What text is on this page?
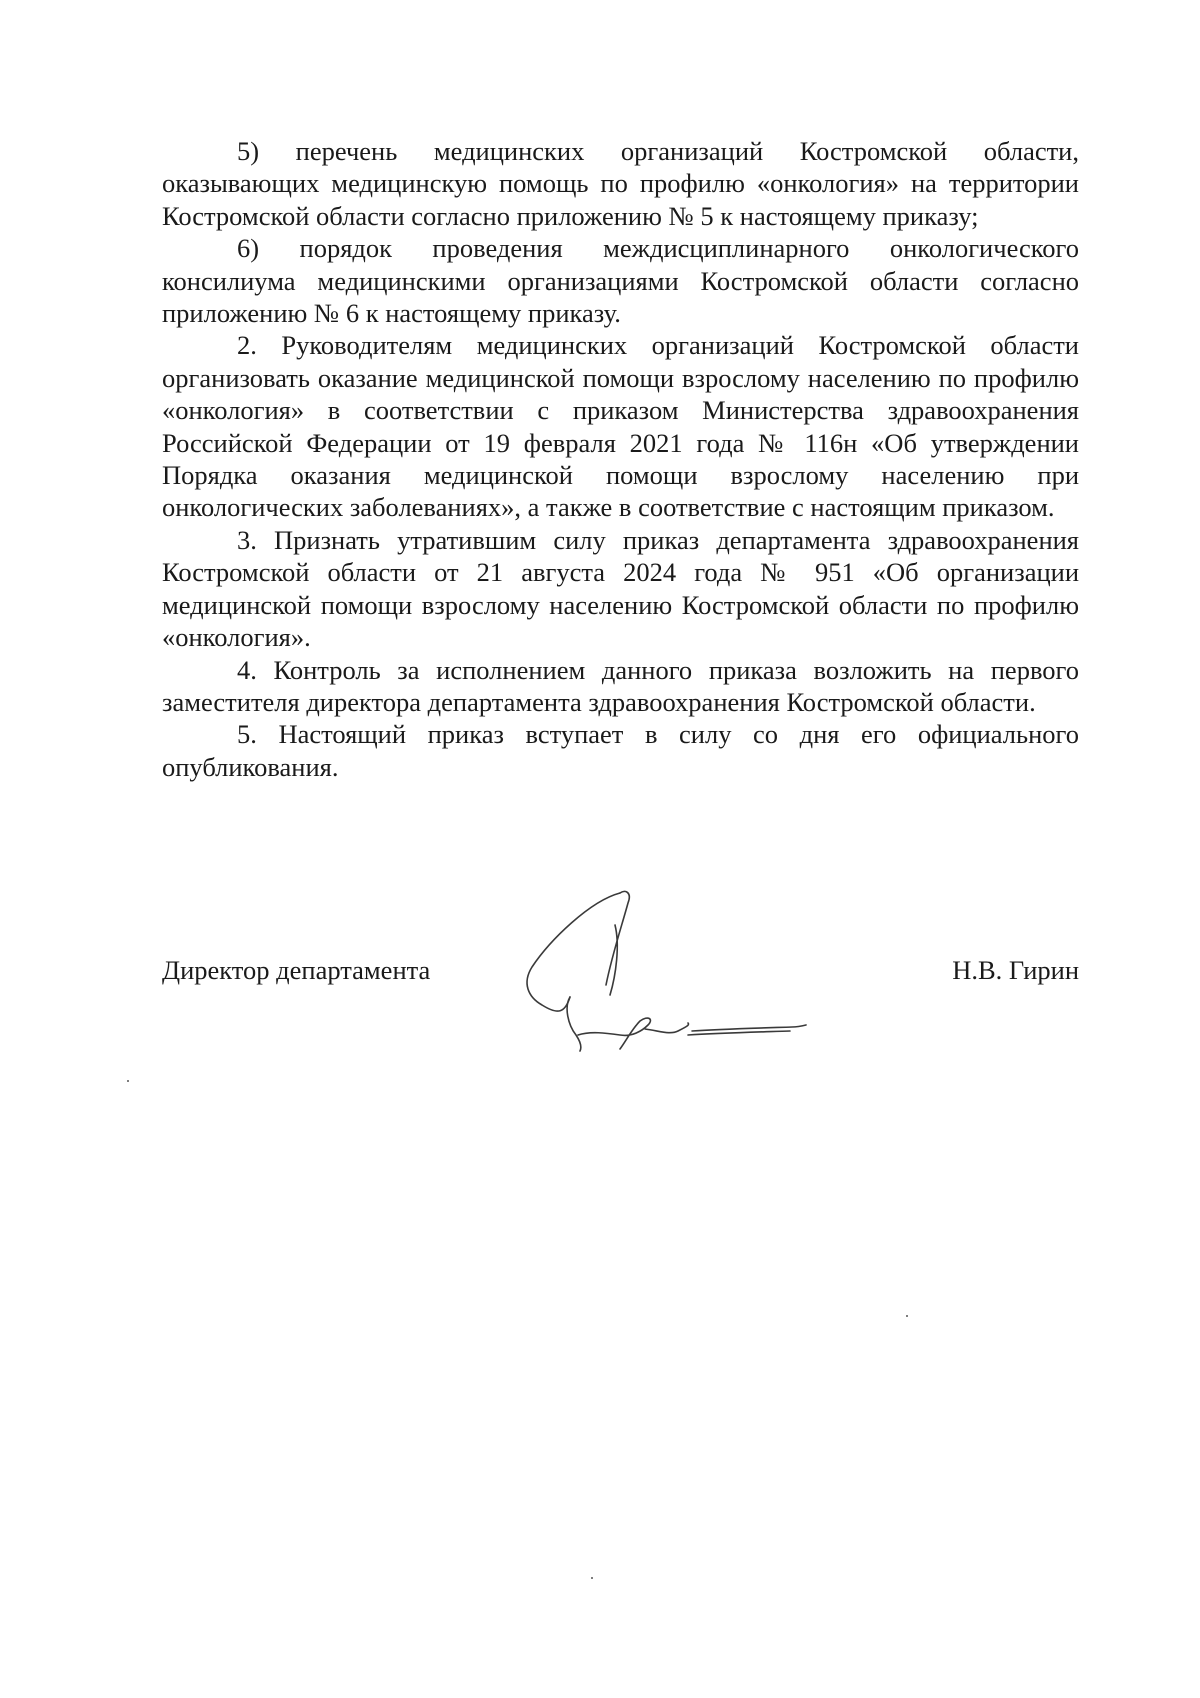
5) перечень медицинских организаций Костромской области, оказывающих медицинскую помощь по профилю «онкология» на территории Костромской области согласно приложению № 5 к настоящему приказу;

6) порядок проведения междисциплинарного онкологического консилиума медицинскими организациями Костромской области согласно приложению № 6 к настоящему приказу.

2. Руководителям медицинских организаций Костромской области организовать оказание медицинской помощи взрослому населению по профилю «онкология» в соответствии с приказом Министерства здравоохранения Российской Федерации от 19 февраля 2021 года № 116н «Об утверждении Порядка оказания медицинской помощи взрослому населению при онкологических заболеваниях», а также в соответствие с настоящим приказом.

3. Признать утратившим силу приказ департамента здравоохранения Костромской области от 21 августа 2024 года № 951 «Об организации медицинской помощи взрослому населению Костромской области по профилю «онкология».

4. Контроль за исполнением данного приказа возложить на первого заместителя директора департамента здравоохранения Костромской области.

5. Настоящий приказ вступает в силу со дня его официального опубликования.

Директор департамента	Н.В. Гирин
